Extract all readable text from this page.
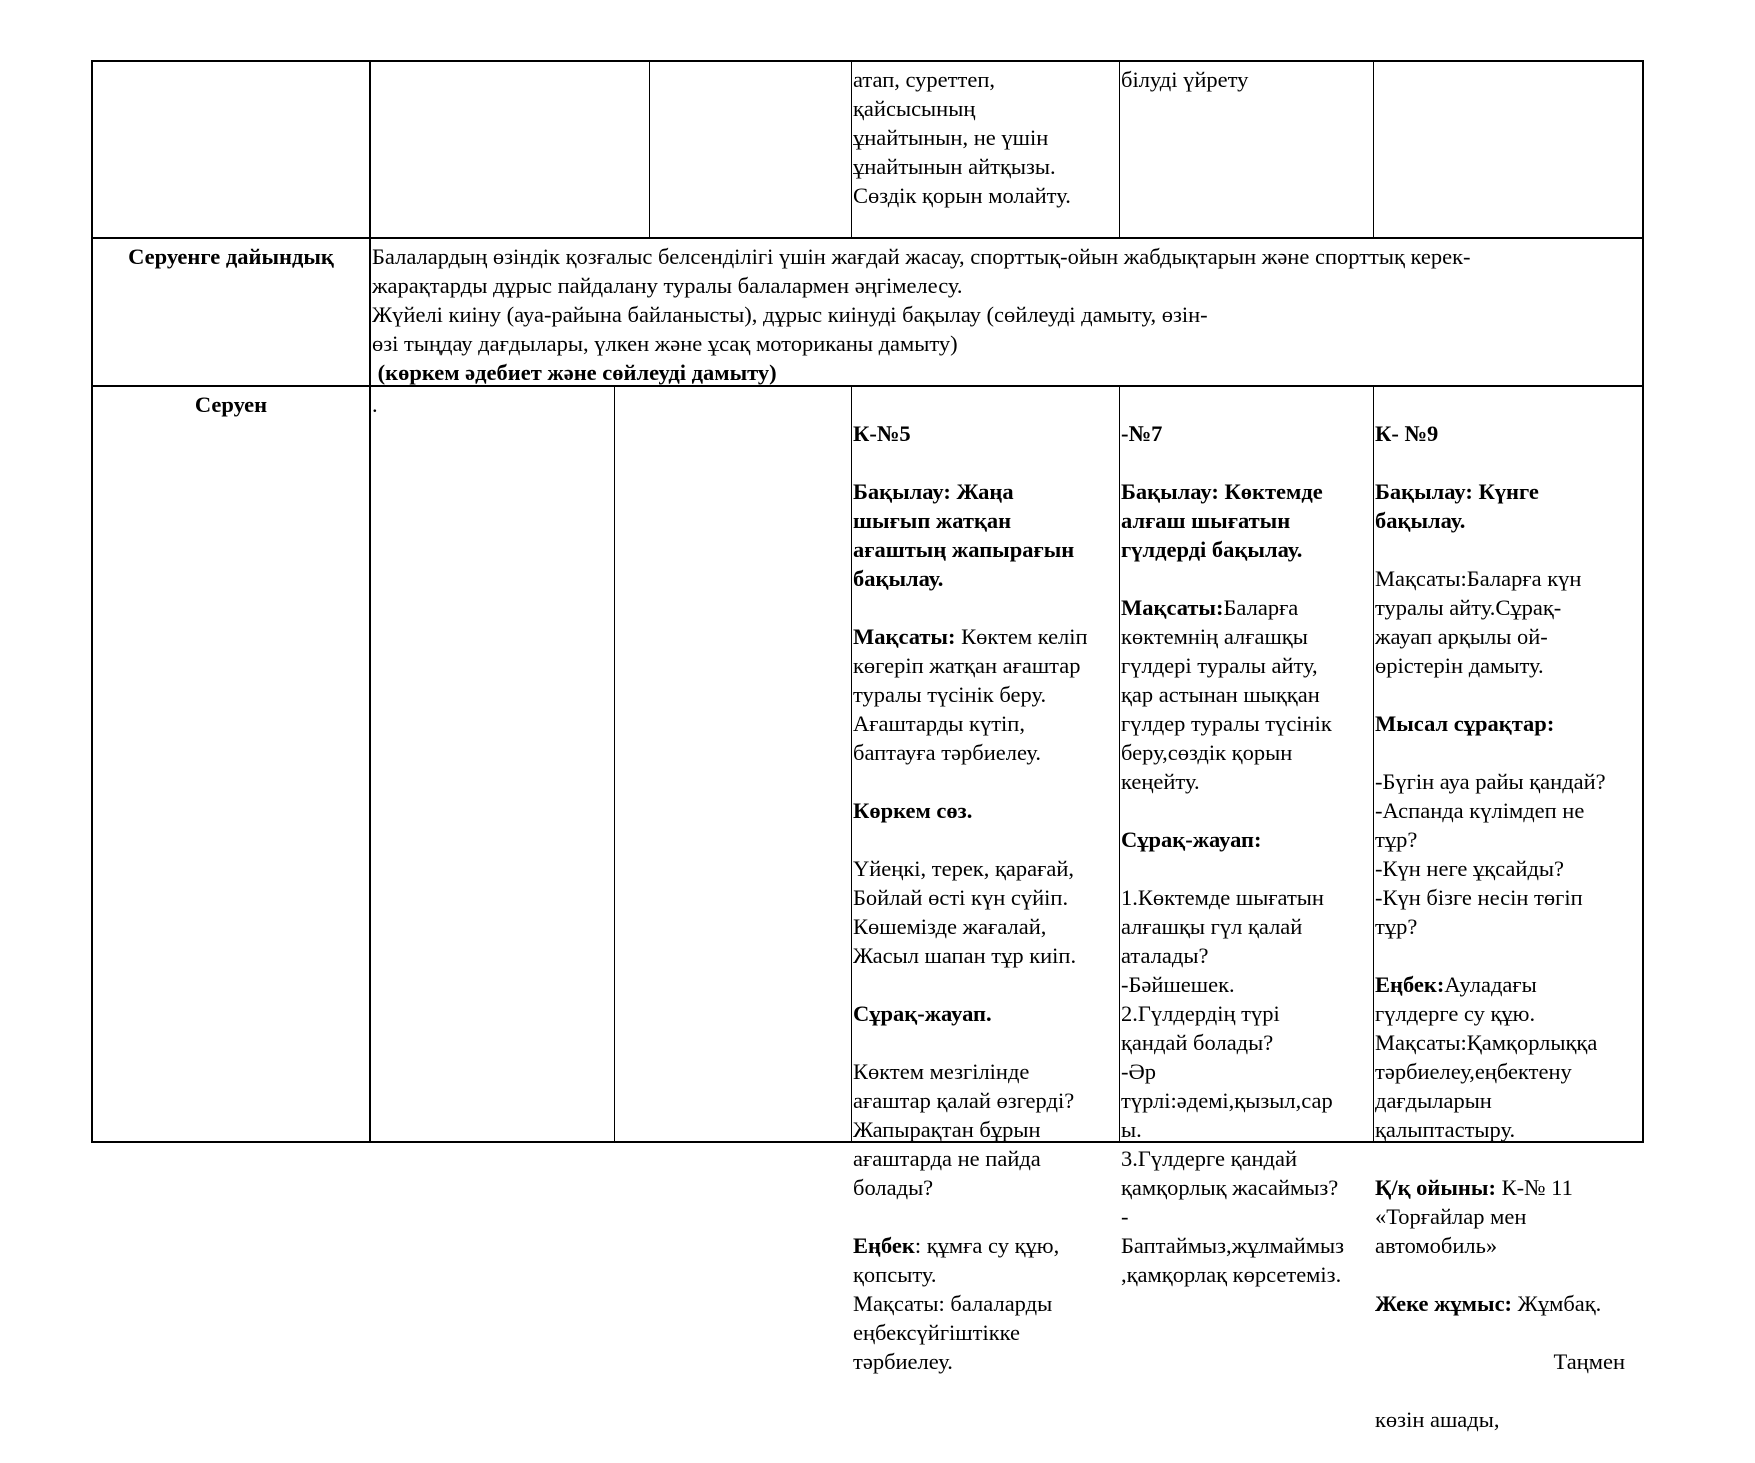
атап, суреттеп,
қайсысының
ұнайтынын, не үшін
ұнайтынын айтқызы.
Сөздік қорын молайту.
білуді үйрету
Серуенге дайындық	Балалардың өзіндік қозғалыс белсенділігі үшін жағдай жасау, спорттық-ойын жабдықтарын және спорттық керек-
жарақтарды дұрыс пайдалану туралы балалармен әңгімелесу.
Жүйелі киіну (ауа-райына байланысты), дұрыс киінуді бақылау (сөйлеуді дамыту, өзін-
өзі тыңдау дағдылары, үлкен және ұсақ моториканы дамыту)
(көркем әдебиет және сөйлеуді дамыту)
Серуен	.

К-№5

Бақылау: Жаңа
шығып жатқан
ағаштың жапырағын
бақылау.

Мақсаты: Көктем келіп
көгеріп жатқан ағаштар
туралы түсінік беру.
Ағаштарды күтіп,
баптауға тәрбиелеу.

Көркем сөз.

Үйеңкі, терек, қарағай,
Бойлай өсті күн сүйіп.
Көшемізде жағалай,
Жасыл шапан тұр киіп.

Сұрақ-жауап.

Көктем мезгілінде
ағаштар қалай өзгерді?
Жапырақтан бұрын
ағаштарда не пайда
болады?

Еңбек: құмға су құю,
қопсыту.
Мақсаты: балаларды
еңбексүйгіштікке
тәрбиелеу.

-№7

Бақылау: Көктемде
алғаш шығатын
гүлдерді бақылау.

Мақсаты:Баларға
көктемнің алғашқы
гүлдері туралы айту,
қар астынан шыққан
гүлдер туралы түсінік
беру,сөздік қорын
кеңейту.

Сұрақ-жауап:

1.Көктемде шығатын
алғашқы гүл қалай
аталады?
-Бәйшешек.
2.Гүлдердің түрі
қандай болады?
-Әр
түрлі:әдемі,қызыл,сар
ы.
3.Гүлдерге қандай
қамқорлық жасаймыз?
-
Баптаймыз,жұлмаймыз
,қамқорлақ көрсетеміз.

К- №9

Бақылау: Күнге
бақылау.

Мақсаты:Баларға күн
туралы айту.Сұрақ-
жауап арқылы ой-
өрістерін дамыту.

Мысал сұрақтар:

-Бүгін ауа райы қандай?
-Аспанда күлімдеп не
тұр?
-Күн неге ұқсайды?
-Күн бізге несін төгіп
тұр?

Еңбек:Ауладағы
гүлдерге су құю.
Мақсаты:Қамқорлыққа
тәрбиелеу,еңбектену
дағдыларын
қалыптастыру.

Қ/қ ойыны: К-№ 11
«Торғайлар мен
автомобиль»

Жеке жұмыс: Жұмбақ.

Таңмен

көзін ашады,
